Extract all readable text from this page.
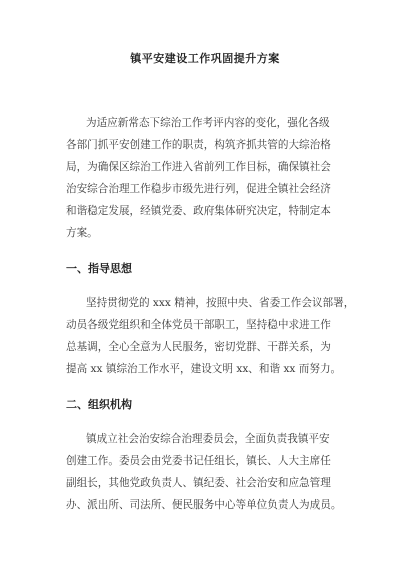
镇平安建设工作巩固提升方案
为适应新常态下综治工作考评内容的变化，强化各级
各部门抓平安创建工作的职责，构筑齐抓共管的大综治格
局，为确保区综治工作进入省前列工作目标，确保镇社会
治安综合治理工作稳步市级先进行列，促进全镇社会经济
和谐稳定发展，经镇党委、政府集体研究决定，特制定本
方案。
一、指导思想
坚持贯彻党的 xxx 精神，按照中央、省委工作会议部署，
动员各级党组织和全体党员干部职工，坚持稳中求进工作
总基调，全心全意为人民服务，密切党群、干群关系，为
提高 xx 镇综治工作水平，建设文明 xx、和谐 xx 而努力。
二、组织机构
镇成立社会治安综合治理委员会，全面负责我镇平安
创建工作。委员会由党委书记任组长，镇长、人大主席任
副组长，其他党政负责人、镇纪委、社会治安和应急管理
办、派出所、司法所、便民服务中心等单位负责人为成员。
